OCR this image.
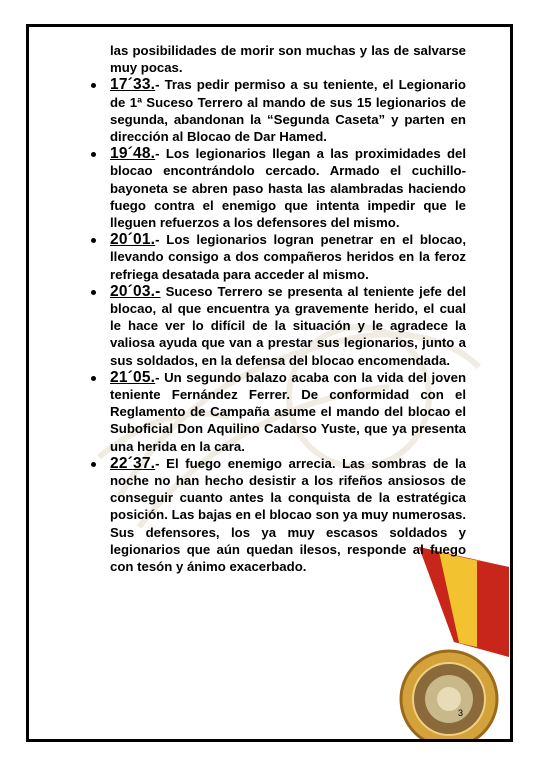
las posibilidades de morir son muchas y las de salvarse muy pocas.

17´33.- Tras pedir permiso a su teniente, el Legionario de 1ª Suceso Terrero al mando de sus 15 legionarios de segunda, abandonan la “Segunda Caseta” y parten en dirección al Blocao de Dar Hamed.
19´48.- Los legionarios llegan a las proximidades del blocao encontrándolo cercado. Armado el cuchillo-bayoneta se abren paso hasta las alambradas haciendo fuego contra el enemigo que intenta impedir que le lleguen refuerzos a los defensores del mismo.
20´01.- Los legionarios logran penetrar en el blocao, llevando consigo a dos compañeros heridos en la feroz refriega desatada para acceder al mismo.
20´03.- Suceso Terrero se presenta al teniente jefe del blocao, al que encuentra ya gravemente herido, el cual le hace ver lo difícil de la situación y le agradece la valiosa ayuda que van a prestar sus legionarios, junto a sus soldados, en la defensa del blocao encomendada.
21´05.- Un segundo balazo acaba con la vida del joven teniente Fernández Ferrer. De conformidad con el Reglamento de Campaña asume el mando del blocao el Suboficial Don Aquilino Cadarso Yuste, que ya presenta una herida en la cara.
22´37.- El fuego enemigo arrecia. Las sombras de la noche no han hecho desistir a los rifeños ansiosos de conseguir cuanto antes la conquista de la estratégica posición. Las bajas en el blocao son ya muy numerosas. Sus defensores, los ya muy escasos soldados y legionarios que aún quedan ilesos, responde al fuego con tesón y ánimo exacerbado.
3
